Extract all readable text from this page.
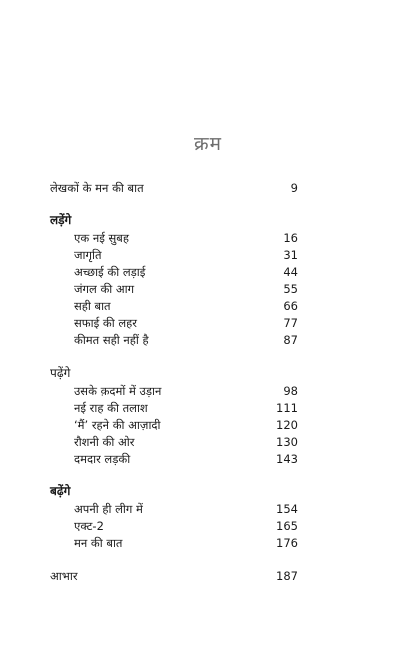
क्रम
लेखकों के मन की बात	9
लड़ेंगे
एक नई सुबह	16
जागृति	31
अच्छाई की लड़ाई	44
जंगल की आग	55
सही बात	66
सफाई की लहर	77
कीमत सही नहीं है	87
पढ़ेंगे
उसके क़दमों में उड़ान	98
नई राह की तलाश	111
‘मैं’ रहने की आज़ादी	120
रौशनी की ओर	130
दमदार लड़की	143
बढ़ेंगे
अपनी ही लीग में	154
एक्ट-2	165
मन की बात	176
आभार	187
